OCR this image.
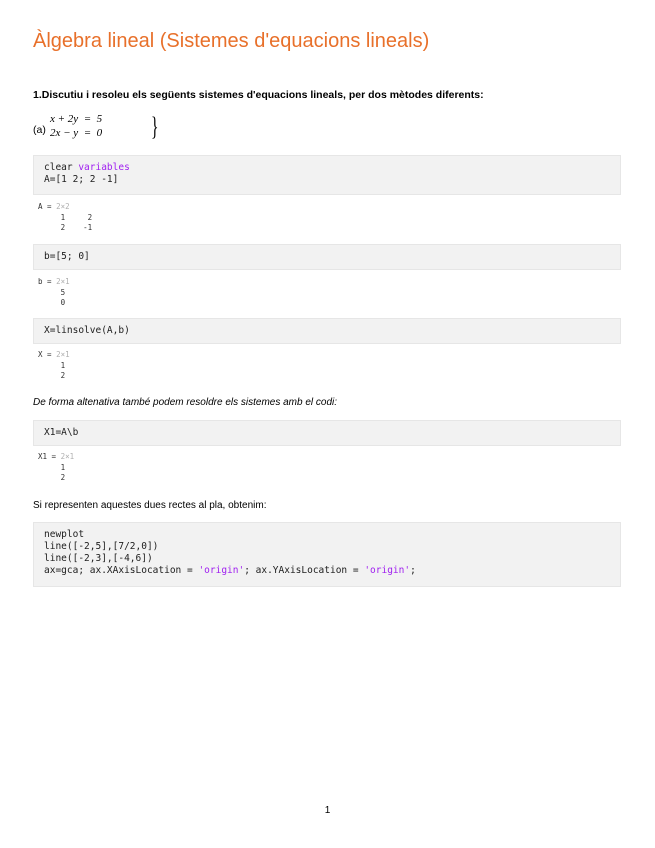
Àlgebra lineal (Sistemes d'equacions lineals)
1.Discutiu i resoleu els següents sistemes d'equacions lineals, per dos mètodes diferents:
(a)
x + 2y  =  5
2x − y  =  0 }
clear variables
A=[1 2; 2 -1]
A = 2×2
1     2
2    -1
b=[5; 0]
b = 2×1
5
0
X=linsolve(A,b)
X = 2×1
1
2
De forma altenativa també podem resoldre els sistemes amb el codi:
X1=A\b
X1 = 2×1
1
2
Si representen aquestes dues rectes al pla, obtenim:
newplot
line([-2,5],[7/2,0])
line([-2,3],[-4,6])
ax=gca; ax.XAxisLocation = 'origin'; ax.YAxisLocation = 'origin';
1
